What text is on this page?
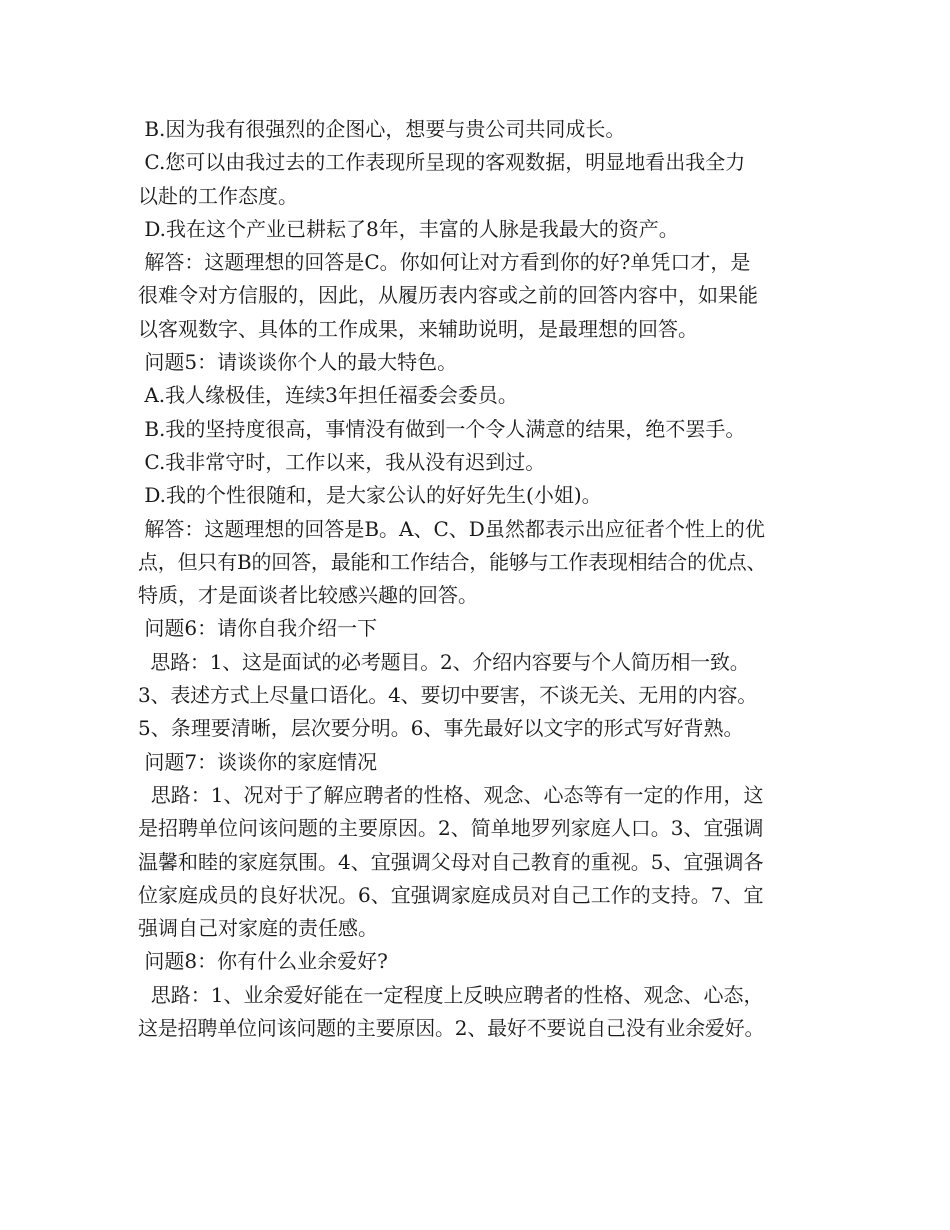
B.因为我有很强烈的企图心，想要与贵公司共同成长。
C.您可以由我过去的工作表现所呈现的客观数据，明显地看出我全力
以赴的工作态度。
D.我在这个产业已耕耘了8年，丰富的人脉是我最大的资产。
解答：这题理想的回答是C。你如何让对方看到你的好?单凭口才，是
很难令对方信服的，因此，从履历表内容或之前的回答内容中，如果能
以客观数字、具体的工作成果，来辅助说明，是最理想的回答。
问题5：请谈谈你个人的最大特色。
A.我人缘极佳，连续3年担任福委会委员。
B.我的坚持度很高，事情没有做到一个令人满意的结果，绝不罢手。
C.我非常守时，工作以来，我从没有迟到过。
D.我的个性很随和，是大家公认的好好先生(小姐)。
解答：这题理想的回答是B。A、C、D虽然都表示出应征者个性上的优
点，但只有B的回答，最能和工作结合，能够与工作表现相结合的优点、
特质，才是面谈者比较感兴趣的回答。
问题6：请你自我介绍一下
思路：1、这是面试的必考题目。2、介绍内容要与个人简历相一致。
3、表述方式上尽量口语化。4、要切中要害，不谈无关、无用的内容。
5、条理要清晰，层次要分明。6、事先最好以文字的形式写好背熟。
问题7：谈谈你的家庭情况
思路：1、况对于了解应聘者的性格、观念、心态等有一定的作用，这
是招聘单位问该问题的主要原因。2、简单地罗列家庭人口。3、宜强调
温馨和睦的家庭氛围。4、宜强调父母对自己教育的重视。5、宜强调各
位家庭成员的良好状况。6、宜强调家庭成员对自己工作的支持。7、宜
强调自己对家庭的责任感。
问题8：你有什么业余爱好?
思路：1、业余爱好能在一定程度上反映应聘者的性格、观念、心态，
这是招聘单位问该问题的主要原因。2、最好不要说自己没有业余爱好。
